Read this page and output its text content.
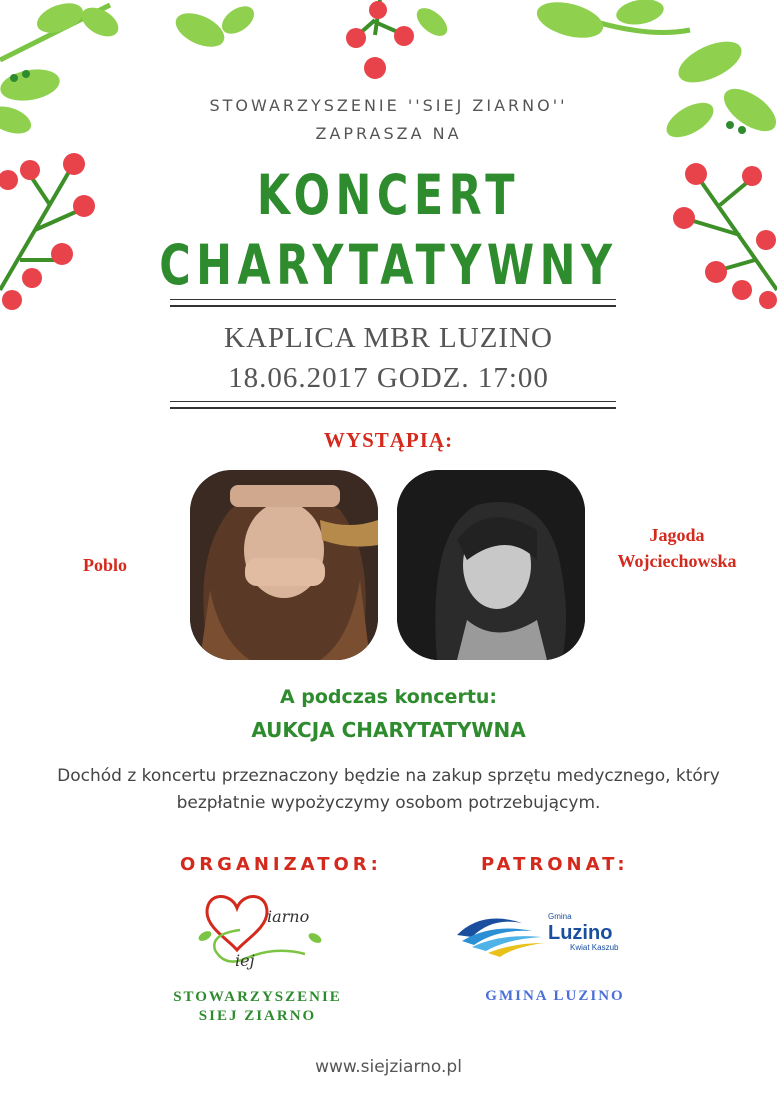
STOWARZYSZENIE ''SIEJ ZIARNO''
ZAPRASZA NA
KONCERT
CHARYTATYWNY
KAPLICA MBR LUZINO
18.06.2017 GODZ. 17:00
WYSTĄPIĄ:
Poblo
Jagoda
Wojciechowska
A podczas koncertu:
AUKCJA CHARYTATYWNA
Dochód z koncertu przeznaczony będzie na zakup sprzętu medycznego, który bezpłatnie wypożyczymy osobom potrzebującym.
ORGANIZATOR:
iarno
iej
STOWARZYSZENIE
SIEJ ZIARNO
PATRONAT:
Gmina
Luzino
Kwiat Kaszub
GMINA LUZINO
www.siejziarno.pl
